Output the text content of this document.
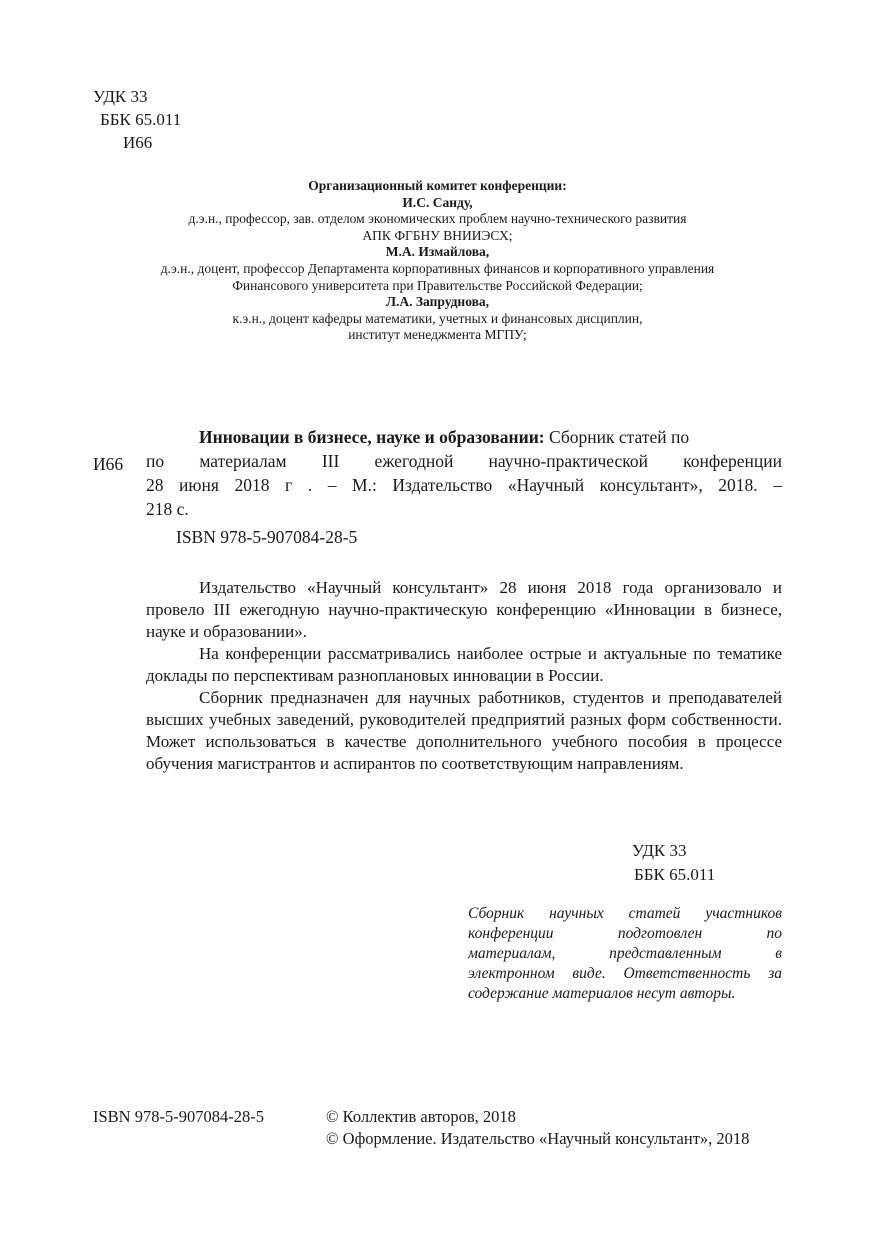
УДК 33
ББК 65.011
И66
Организационный комитет конференции:
И.С. Санду,
д.э.н., профессор, зав. отделом экономических проблем научно-технического развития
АПК ФГБНУ ВНИИЭСХ;
М.А. Измайлова,
д.э.н., доцент, профессор Департамента корпоративных финансов и корпоративного управления
Финансового университета при Правительстве Российской Федерации;
Л.А. Запруднова,
к.э.н., доцент кафедры математики, учетных и финансовых дисциплин,
институт менеджмента МГПУ;
И66
Инновации в бизнесе, науке и образовании: Сборник статей по
по материалам III ежегодной научно-практической конференции
28 июня 2018 г . – М.: Издательство «Научный консультант», 2018. –
218 с.
ISBN 978-5-907084-28-5

Издательство «Научный консультант» 28 июня 2018 года организовало и провело III ежегодную научно-практическую конференцию «Инновации в бизнесе, науке и образовании».

На конференции рассматривались наиболее острые и актуальные по тематике доклады по перспективам разноплановых инновации в России.

Сборник предназначен для научных работников, студентов и преподавателей высших учебных заведений, руководителей предприятий разных форм собственности. Может использоваться в качестве дополнительного учебного пособия в процессе обучения магистрантов и аспирантов по соответствующим направлениям.

УДК 33
ББК 65.011
Сборник научных статей участников
конференции подготовлен по
материалам, представленным в
электронном виде. Ответственность за
содержание материалов несут авторы.
ISBN 978-5-907084-28-5	© Коллектив авторов, 2018
© Оформление. Издательство «Научный консультант», 2018
